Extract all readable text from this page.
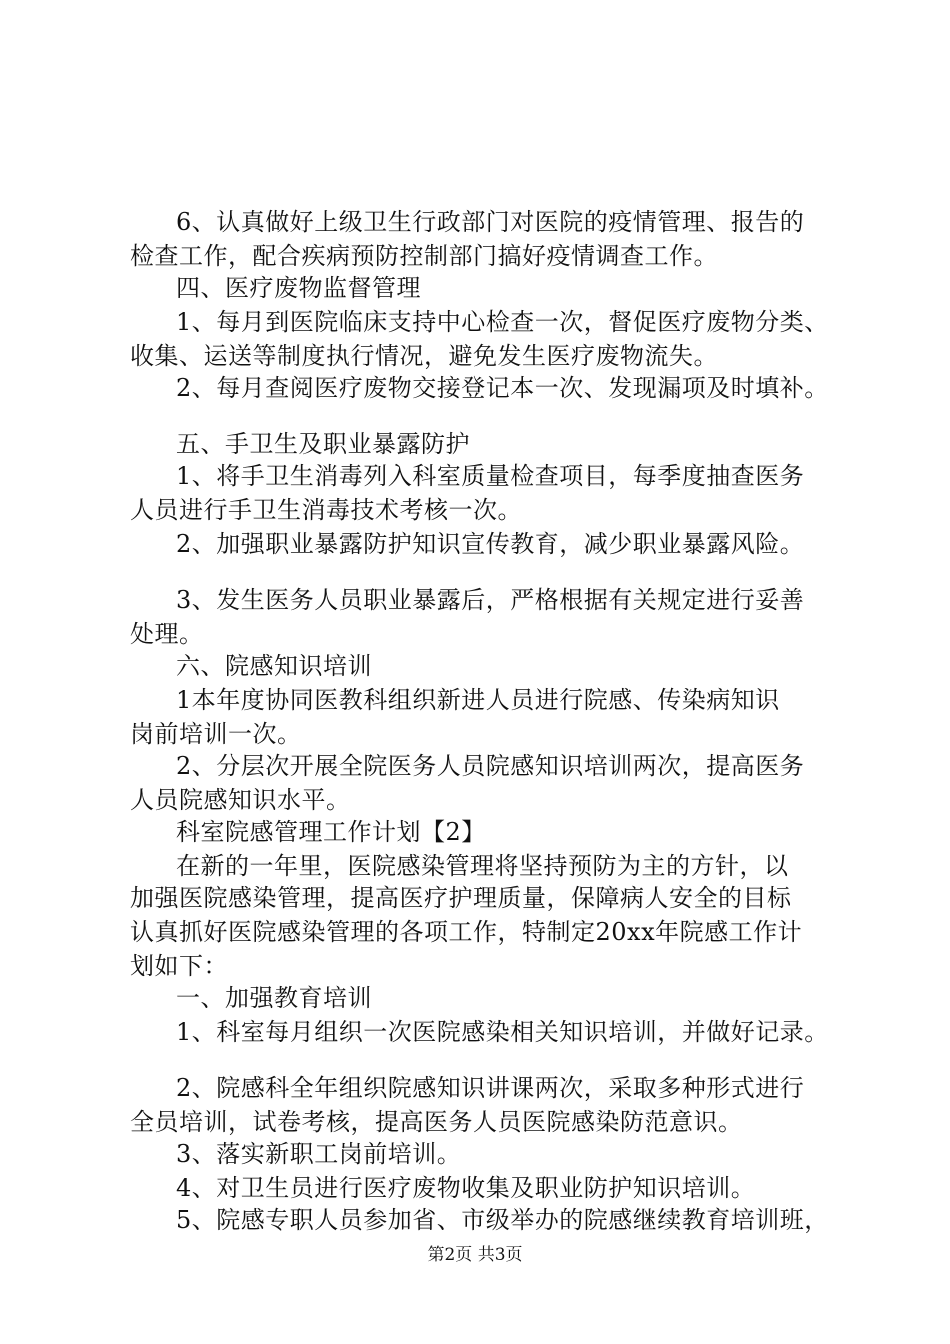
6、认真做好上级卫生行政部门对医院的疫情管理、报告的
检查工作，配合疾病预防控制部门搞好疫情调查工作。
四、医疗废物监督管理
1、每月到医院临床支持中心检查一次，督促医疗废物分类、
收集、运送等制度执行情况，避免发生医疗废物流失。
2、每月查阅医疗废物交接登记本一次、发现漏项及时填补。
五、手卫生及职业暴露防护
1、将手卫生消毒列入科室质量检查项目，每季度抽查医务
人员进行手卫生消毒技术考核一次。
2、加强职业暴露防护知识宣传教育，减少职业暴露风险。
3、发生医务人员职业暴露后，严格根据有关规定进行妥善
处理。
六、院感知识培训
1本年度协同医教科组织新进人员进行院感、传染病知识
岗前培训一次。
2、分层次开展全院医务人员院感知识培训两次，提高医务
人员院感知识水平。
科室院感管理工作计划【2】
在新的一年里，医院感染管理将坚持预防为主的方针，以
加强医院感染管理，提高医疗护理质量，保障病人安全的目标
认真抓好医院感染管理的各项工作，特制定20xx年院感工作计
划如下：
一、加强教育培训
1、科室每月组织一次医院感染相关知识培训，并做好记录。
2、院感科全年组织院感知识讲课两次，采取多种形式进行
全员培训，试卷考核，提高医务人员医院感染防范意识。
3、落实新职工岗前培训。
4、对卫生员进行医疗废物收集及职业防护知识培训。
5、院感专职人员参加省、市级举办的院感继续教育培训班，
第2页 共3页
